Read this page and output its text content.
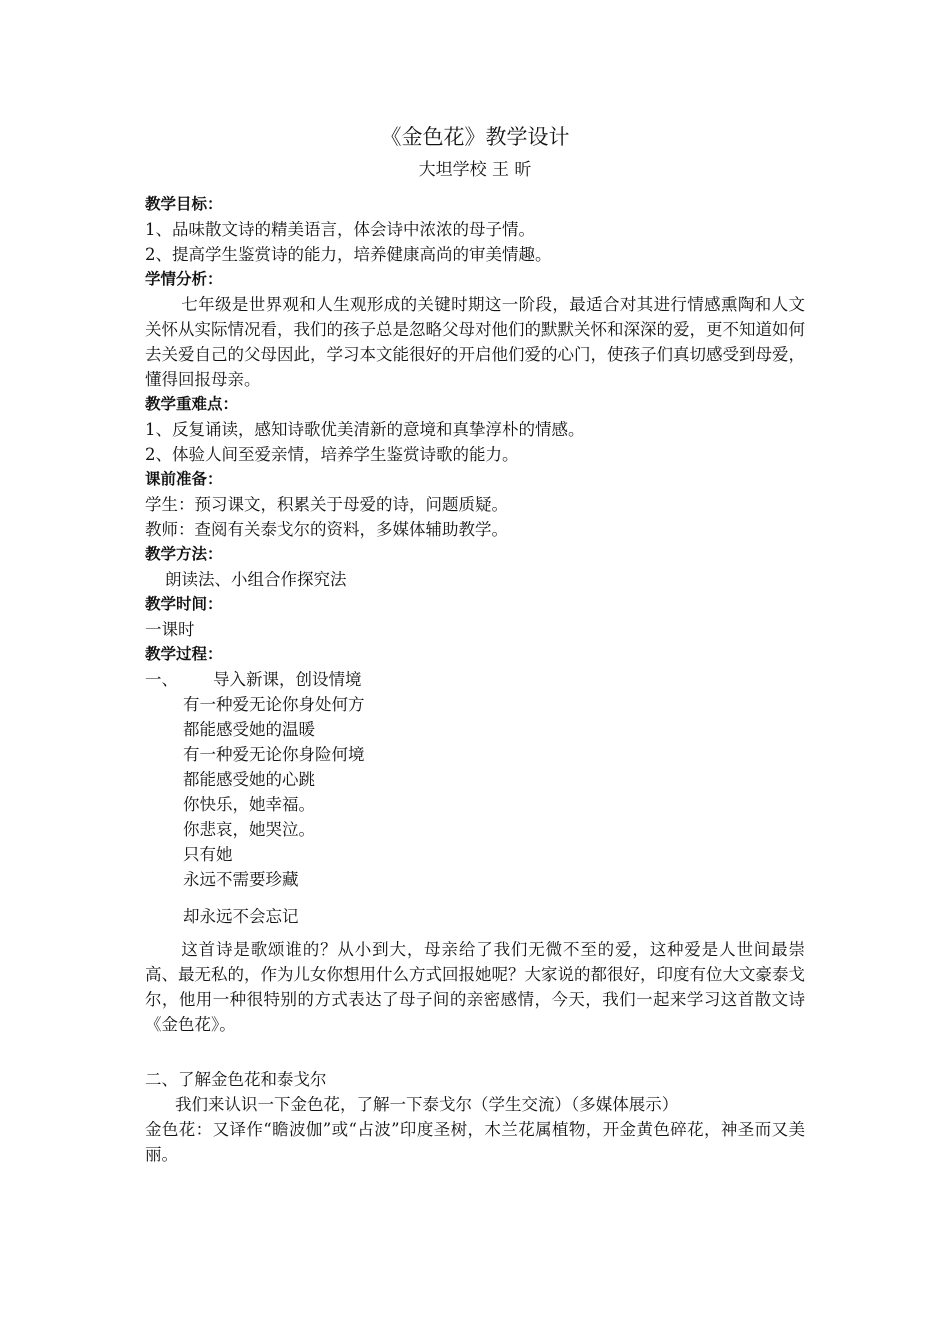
《金色花》教学设计

大坦学校 王 昕

教学目标：
1、品味散文诗的精美语言，体会诗中浓浓的母子情。
2、提高学生鉴赏诗的能力，培养健康高尚的审美情趣。
学情分析：
七年级是世界观和人生观形成的关键时期这一阶段，最适合对其进行情感熏陶和人文关怀从实际情况看，我们的孩子总是忽略父母对他们的默默关怀和深深的爱，更不知道如何去关爱自己的父母因此，学习本文能很好的开启他们爱的心门，使孩子们真切感受到母爱，懂得回报母亲。
教学重难点：
1、反复诵读，感知诗歌优美清新的意境和真挚淳朴的情感。
2、体验人间至爱亲情，培养学生鉴赏诗歌的能力。
课前准备：
学生：预习课文，积累关于母爱的诗，问题质疑。
教师：查阅有关泰戈尔的资料，多媒体辅助教学。
教学方法：
朗读法、小组合作探究法
教学时间：
一课时
教学过程：
一、 导入新课，创设情境
有一种爱无论你身处何方
都能感受她的温暖
有一种爱无论你身险何境
都能感受她的心跳
你快乐，她幸福。
你悲哀，她哭泣。
只有她
永远不需要珍藏
却永远不会忘记
这首诗是歌颂谁的？从小到大，母亲给了我们无微不至的爱，这种爱是人世间最崇高、最无私的，作为儿女你想用什么方式回报她呢？大家说的都很好，印度有位大文豪泰戈尔，他用一种很特别的方式表达了母子间的亲密感情，今天，我们一起来学习这首散文诗《金色花》。
二、了解金色花和泰戈尔
我们来认识一下金色花，了解一下泰戈尔（学生交流）（多媒体展示）
金色花：又译作“瞻波伽”或“占波”印度圣树，木兰花属植物，开金黄色碎花，神圣而又美丽。
